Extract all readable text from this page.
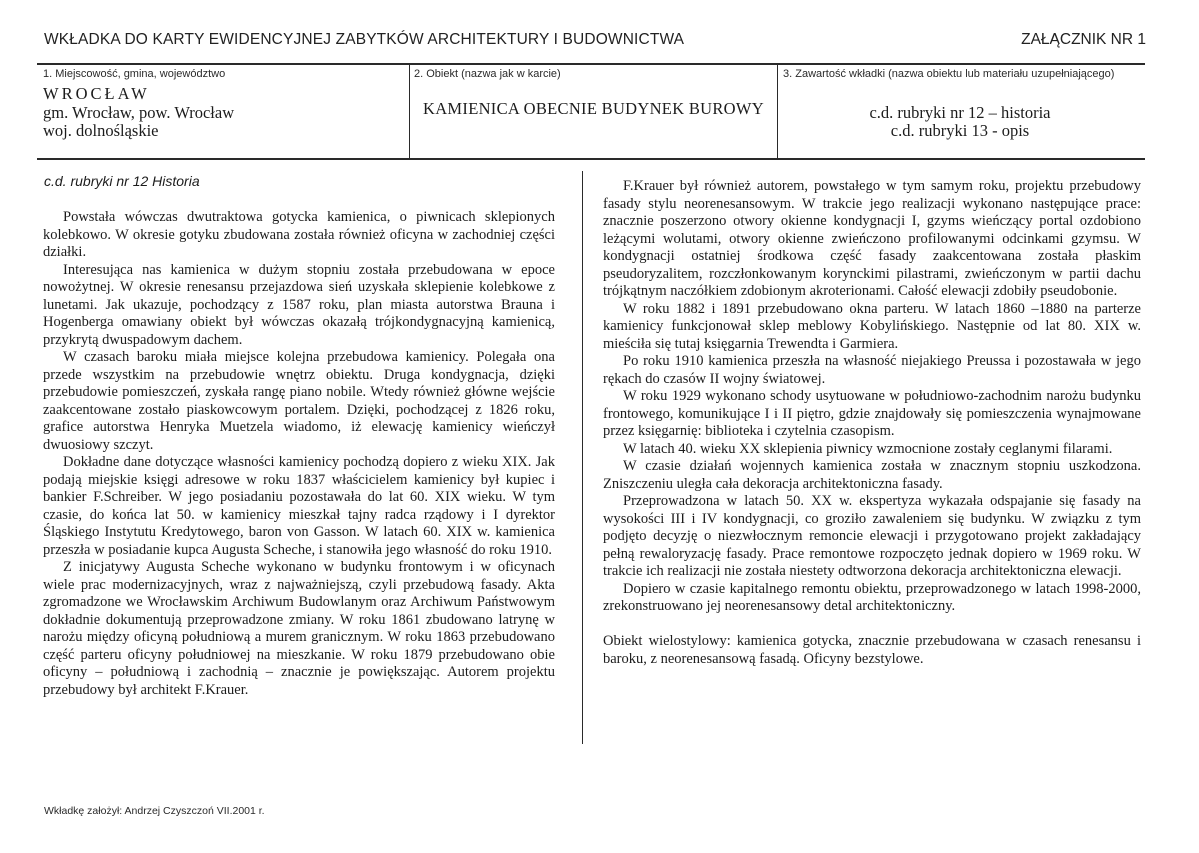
WKŁADKA DO KARTY EWIDENCYJNEJ ZABYTKÓW ARCHITEKTURY I BUDOWNICTWA	ZAŁĄCZNIK NR 1
1. Miejscowość, gmina, województwo
WROCŁAW
gm. Wrocław, pow. Wrocław
woj. dolnośląskie
2. Obiekt (nazwa jak w karcie)
KAMIENICA OBECNIE BUDYNEK BUROWY
3. Zawartość wkładki (nazwa obiektu lub materiału uzupełniającego)
c.d. rubryki nr 12 – historia
c.d. rubryki 13 - opis
c.d. rubryki nr 12 Historia

Powstała wówczas dwutraktowa gotycka kamienica, o piwnicach sklepionych kolebkowo. W okresie gotyku zbudowana została również oficyna w zachodniej części działki.

Interesująca nas kamienica w dużym stopniu została przebudowana w epoce nowożytnej. W okresie renesansu przejazdowa sień uzyskała sklepienie kolebkowe z lunetami. Jak ukazuje, pochodzący z 1587 roku, plan miasta autorstwa Brauna i Hogenberga omawiany obiekt był wówczas okazałą trójkondygnacyjną kamienicą, przykrytą dwuspadowym dachem.

W czasach baroku miała miejsce kolejna przebudowa kamienicy. Polegała ona przede wszystkim na przebudowie wnętrz obiektu. Druga kondygnacja, dzięki przebudowie pomieszczeń, zyskała rangę piano nobile. Wtedy również główne wejście zaakcentowane zostało piaskowcowym portalem. Dzięki, pochodzącej z 1826 roku, grafice autorstwa Henryka Muetzela wiadomo, iż elewację kamienicy wieńczył dwuosiowy szczyt.

Dokładne dane dotyczące własności kamienicy pochodzą dopiero z wieku XIX. Jak podają miejskie księgi adresowe w roku 1837 właścicielem kamienicy był kupiec i bankier F.Schreiber. W jego posiadaniu pozostawała do lat 60. XIX wieku. W tym czasie, do końca lat 50. w kamienicy mieszkał tajny radca rządowy i I dyrektor Śląskiego Instytutu Kredytowego, baron von Gasson. W latach 60. XIX w. kamienica przeszła w posiadanie kupca Augusta Scheche, i stanowiła jego własność do roku 1910.

Z inicjatywy Augusta Scheche wykonano w budynku frontowym i w oficynach wiele prac modernizacyjnych, wraz z najważniejszą, czyli przebudową fasady. Akta zgromadzone we Wrocławskim Archiwum Budowlanym oraz Archiwum Państwowym dokładnie dokumentują przeprowadzone zmiany. W roku 1861 zbudowano latrynę w narożu między oficyną południową a murem granicznym. W roku 1863 przebudowano część parteru oficyny południowej na mieszkanie. W roku 1879 przebudowano obie oficyny – południową i zachodnią – znacznie je powiększając. Autorem projektu przebudowy był architekt F.Krauer.

F.Krauer był również autorem, powstałego w tym samym roku, projektu przebudowy fasady stylu neorenesansowym. W trakcie jego realizacji wykonano następujące prace: znacznie poszerzono otwory okienne kondygnacji I, gzyms wieńczący portal ozdobiono leżącymi wolutami, otwory okienne zwieńczono profilowanymi odcinkami gzymsu. W kondygnacji ostatniej środkowa część fasady zaakcentowana została płaskim pseudoryzalitem, rozczłonkowanym korynckimi pilastrami, zwieńczonym w partii dachu trójkątnym naczółkiem zdobionym akroterionami. Całość elewacji zdobiły pseudobonie.

W roku 1882 i 1891 przebudowano okna parteru. W latach 1860 –1880 na parterze kamienicy funkcjonował sklep meblowy Kobylińskiego. Następnie od lat 80. XIX w. mieściła się tutaj księgarnia Trewendta i Garmiera.

Po roku 1910 kamienica przeszła na własność niejakiego Preussa i pozostawała w jego rękach do czasów II wojny światowej.

W roku 1929 wykonano schody usytuowane w południowo-zachodnim narożu budynku frontowego, komunikujące I i II piętro, gdzie znajdowały się pomieszczenia wynajmowane przez księgarnię: biblioteka i czytelnia czasopism.

W latach 40. wieku XX sklepienia piwnicy wzmocnione zostały ceglanymi filarami.

W czasie działań wojennych kamienica została w znacznym stopniu uszkodzona. Zniszczeniu uległa cała dekoracja architektoniczna fasady.

Przeprowadzona w latach 50. XX w. ekspertyza wykazała odspajanie się fasady na wysokości III i IV kondygnacji, co groziło zawaleniem się budynku. W związku z tym podjęto decyzję o niezwłocznym remoncie elewacji i przygotowano projekt zakładający pełną rewaloryzację fasady. Prace remontowe rozpoczęto jednak dopiero w 1969 roku. W trakcie ich realizacji nie została niestety odtworzona dekoracja architektoniczna elewacji.

Dopiero w czasie kapitalnego remontu obiektu, przeprowadzonego w latach 1998-2000, zrekonstruowano jej neorenesansowy detal architektoniczny.

Obiekt wielostylowy: kamienica gotycka, znacznie przebudowana w czasach renesansu i baroku, z neorenesansową fasadą. Oficyny bezstylowe.

Wkładkę założył: Andrzej Czyszczoń VII.2001 r.
